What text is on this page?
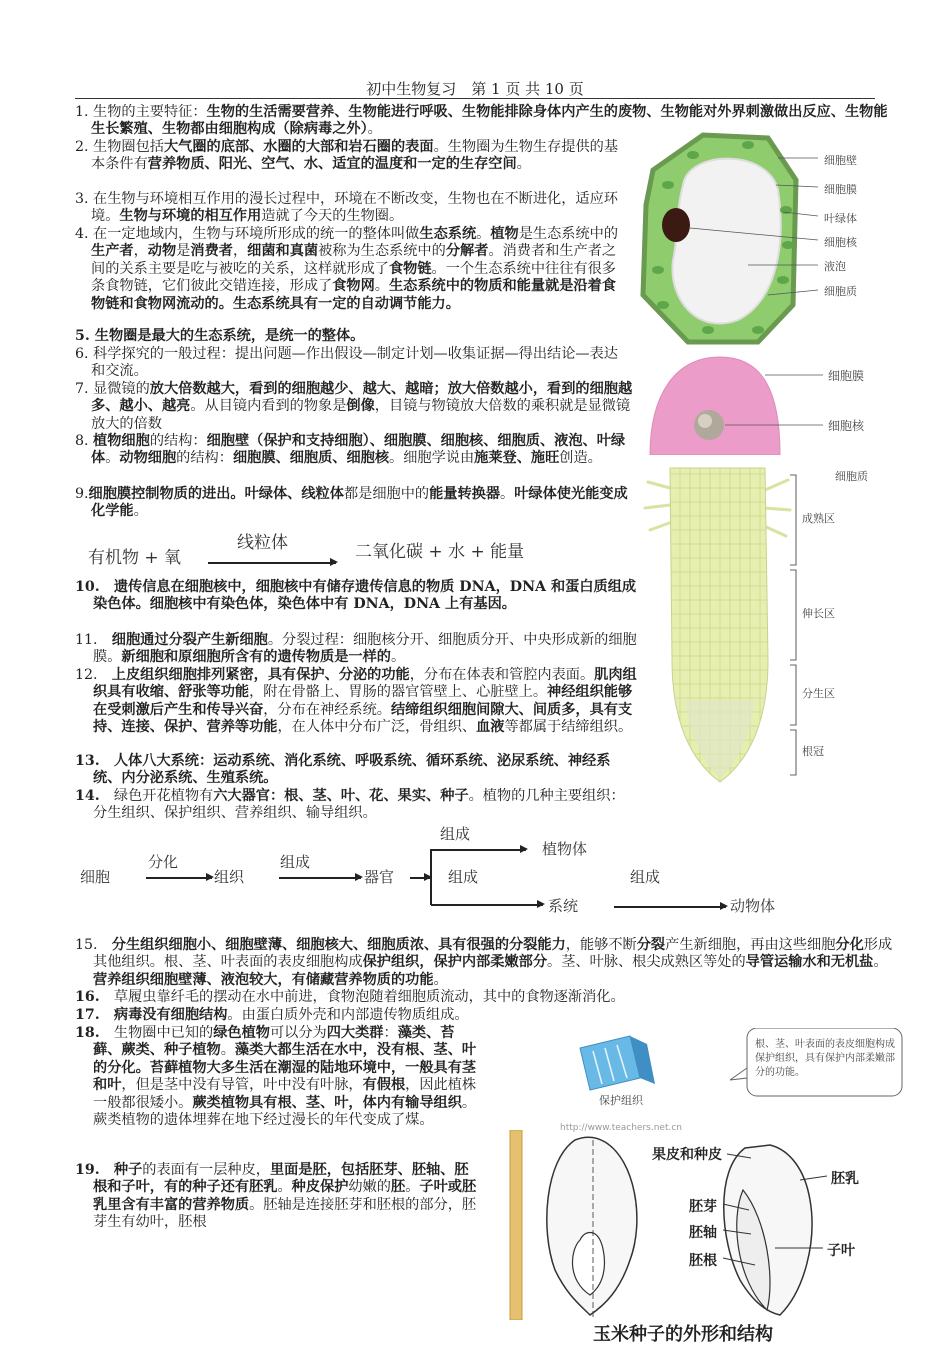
初中生物复习　第 1 页 共 10 页
1. 生物的主要特征：生物的生活需要营养、生物能进行呼吸、生物能排除身体内产生的废物、生物能对外界刺激做出反应、生物能生长繁殖、生物都由细胞构成（除病毒之外）。
2. 生物圈包括大气圈的底部、水圈的大部和岩石圈的表面。生物圈为生物生存提供的基本条件有营养物质、阳光、空气、水、适宜的温度和一定的生存空间。
3. 在生物与环境相互作用的漫长过程中，环境在不断改变，生物也在不断进化，适应环境。生物与环境的相互作用造就了今天的生物圈。
4. 在一定地域内，生物与环境所形成的统一的整体叫做生态系统。植物是生态系统中的生产者，动物是消费者，细菌和真菌被称为生态系统中的分解者。消费者和生产者之间的关系主要是吃与被吃的关系，这样就形成了食物链。一个生态系统中往往有很多条食物链，它们彼此交错连接，形成了食物网。生态系统中的物质和能量就是沿着食物链和食物网流动的。生态系统具有一定的自动调节能力。
5. 生物圈是最大的生态系统，是统一的整体。
6. 科学探究的一般过程：提出问题—作出假设—制定计划—收集证据—得出结论—表达和交流。
7. 显微镜的放大倍数越大，看到的细胞越少、越大、越暗；放大倍数越小，看到的细胞越多、越小、越亮。从目镜内看到的物象是倒像，目镜与物镜放大倍数的乘积就是显微镜放大的倍数
8. 植物细胞的结构：细胞壁（保护和支持细胞）、细胞膜、细胞核、细胞质、液泡、叶绿体。动物细胞的结构：细胞膜、细胞质、细胞核。细胞学说由施莱登、施旺创造。
9.细胞膜控制物质的进出。叶绿体、线粒体都是细胞中的能量转换器。叶绿体使光能变成化学能。
有机物 + 氧
线粒体	二氧化碳 + 水 + 能量
10.　遗传信息在细胞核中，细胞核中有储存遗传信息的物质 DNA，DNA 和蛋白质组成染色体。细胞核中有染色体，染色体中有 DNA，DNA 上有基因。
11.　细胞通过分裂产生新细胞。分裂过程：细胞核分开、细胞质分开、中央形成新的细胞膜。新细胞和原细胞所含有的遗传物质是一样的。
12.　上皮组织细胞排列紧密，具有保护、分泌的功能，分布在体表和管腔内表面。肌肉组织具有收缩、舒张等功能，附在骨骼上、胃肠的器官管壁上、心脏壁上。神经组织能够在受刺激后产生和传导兴奋，分布在神经系统。结缔组织细胞间隙大、间质多，具有支持、连接、保护、营养等功能，在人体中分布广泛，骨组织、血液等都属于结缔组织。
13.　人体八大系统：运动系统、消化系统、呼吸系统、循环系统、泌尿系统、神经系统、内分泌系统、生殖系统。
14.　绿色开花植物有六大器官：根、茎、叶、花、果实、种子。植物的几种主要组织：分生组织、保护组织、营养组织、输导组织。
细胞
分化
组织
组成
器官
组成
植物体
组成
系统
组成
动物体
15.　分生组织细胞小、细胞壁薄、细胞核大、细胞质浓、具有很强的分裂能力，能够不断分裂产生新细胞，再由这些细胞分化形成其他组织。根、茎、叶表面的表皮细胞构成保护组织，保护内部柔嫩部分。茎、叶脉、根尖成熟区等处的导管运输水和无机盐。营养组织细胞壁薄、液泡较大，有储藏营养物质的功能。
16.　草履虫靠纤毛的摆动在水中前进，食物泡随着细胞质流动，其中的食物逐渐消化。
17.　病毒没有细胞结构。由蛋白质外壳和内部遗传物质组成。
18.　生物圈中已知的绿色植物可以分为四大类群：藻类、苔藓、蕨类、种子植物。藻类大都生活在水中，没有根、茎、叶的分化。苔藓植物大多生活在潮湿的陆地环境中，一般具有茎和叶，但是茎中没有导管，叶中没有叶脉，有假根，因此植株一般都很矮小。蕨类植物具有根、茎、叶，体内有输导组织。蕨类植物的遗体埋葬在地下经过漫长的年代变成了煤。
19.　种子的表面有一层种皮，里面是胚，包括胚芽、胚轴、胚根和子叶，有的种子还有胚乳。种皮保护幼嫩的胚。子叶或胚乳里含有丰富的营养物质。胚轴是连接胚芽和胚根的部分，胚芽生有幼叶，胚根
细胞壁
细胞膜
叶绿体
细胞核
液泡
细胞质
细胞膜
细胞核
细胞质
成熟区
伸长区
分生区
根冠
保护组织
根、茎、叶表面的表皮细胞构成保护组织，具有保护内部柔嫩部分的功能。
http://www.teachers.net.cn
果皮和种皮
胚乳
胚芽
胚轴
子叶
胚根
玉米种子的外形和结构
